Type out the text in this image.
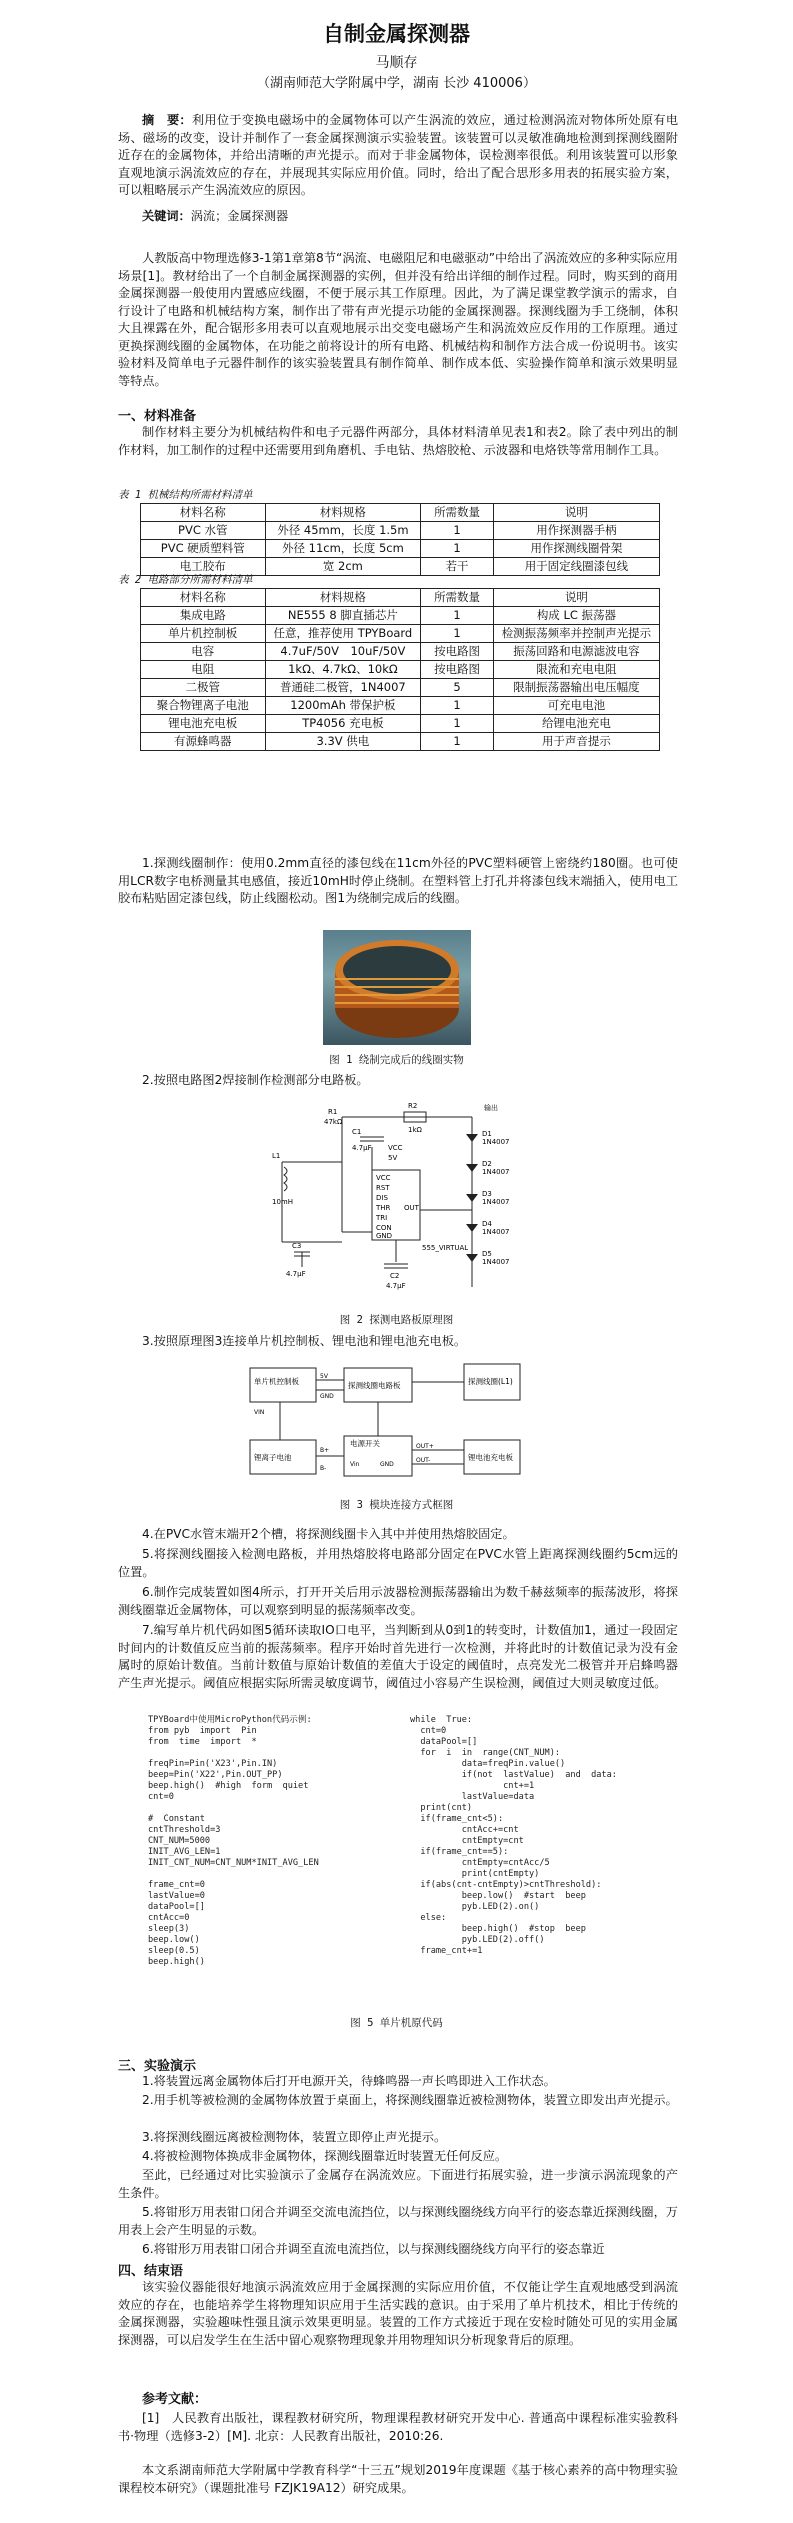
自制金属探测器
马顺存
（湖南师范大学附属中学，湖南 长沙 410006）
摘　要：利用位于变换电磁场中的金属物体可以产生涡流的效应，通过检测涡流对物体所处原有电场、磁场的改变，设计并制作了一套金属探测演示实验装置。该装置可以灵敏准确地检测到探测线圈附近存在的金属物体，并给出清晰的声光提示。而对于非金属物体，误检测率很低。利用该装置可以形象直观地演示涡流效应的存在，并展现其实际应用价值。同时，给出了配合思形多用表的拓展实验方案，可以粗略展示产生涡流效应的原因。
关键词：涡流；金属探测器
人教版高中物理选修3-1第1章第8节“涡流、电磁阻尼和电磁驱动”中给出了涡流效应的多种实际应用场景[1]。教材给出了一个自制金属探测器的实例，但并没有给出详细的制作过程。同时，购买到的商用金属探测器一般使用内置感应线圈，不便于展示其工作原理。因此，为了满足课堂教学演示的需求，自行设计了电路和机械结构方案，制作出了带有声光提示功能的金属探测器。探测线圈为手工绕制，体积大且裸露在外，配合锯形多用表可以直观地展示出交变电磁场产生和涡流效应反作用的工作原理。通过更换探测线圈的金属物体，在功能之前将设计的所有电路、机械结构和制作方法合成一份说明书。该实验材料及简单电子元器件制作的该实验装置具有制作简单、制作成本低、实验操作简单和演示效果明显等特点。
一、材料准备
制作材料主要分为机械结构件和电子元器件两部分，具体材料清单见表1和表2。除了表中列出的制作材料，加工制作的过程中还需要用到角磨机、手电钻、热熔胶枪、示波器和电烙铁等常用制作工具。
表 1 机械结构所需材料清单
材料名称	材料规格	所需数量	说明
PVC 水管	外径 45mm，长度 1.5m	1	用作探测器手柄
PVC 硬质塑料管	外径 11cm，长度 5cm	1	用作探测线圈骨架
电工胶布	宽 2cm	若干	用于固定线圈漆包线
表 2 电路部分所需材料清单
材料名称	材料规格	所需数量	说明
集成电路	NE555 8 脚直插芯片	1	构成 LC 振荡器
单片机控制板	任意，推荐使用 TPYBoard	1	检测振荡频率并控制声光提示
电容	4.7uF/50V　10uF/50V	按电路图	振荡回路和电源滤波电容
电阻	1kΩ、4.7kΩ、10kΩ	按电路图	限流和充电电阻
二极管	普通硅二极管，1N4007	5	限制振荡器输出电压幅度
聚合物锂离子电池	1200mAh 带保护板	1	可充电电池
锂电池充电板	TP4056 充电板	1	给锂电池充电
有源蜂鸣器	3.3V 供电	1	用于声音提示
1.探测线圈制作：使用0.2mm直径的漆包线在11cm外径的PVC塑料硬管上密绕约180圈。也可使用LCR数字电桥测量其电感值，接近10mH时停止绕制。在塑料管上打孔并将漆包线末端插入，使用电工胶布粘贴固定漆包线，防止线圈松动。图1为绕制完成后的线圈。
图 1 绕制完成后的线圈实物
2.按照电路图2焊接制作检测部分电路板。
R1
47kΩ
R2
1kΩ
输出
L1
10mH
C1
4.7μF VCC
5V
VCC
RST
DIS
THR
TRI
CON
GND
OUT
555_VIRTUAL
C2
4.7μF
C3
4.7μF
D1
1N4007
D2
1N4007
D3
1N4007
D4
1N4007
D5
1N4007
图 2 探测电路板原理图
3.按照原理图3连接单片机控制板、锂电池和锂电池充电板。
单片机控制板	探测线圈电路板	探测线圈(L1)
锂离子电池
电源开关
锂电池充电板
5V
GND
VIN
B+
B-
OUT+
OUT-
Vin	GND
图 3 模块连接方式框图
4.在PVC水管末端开2个槽，将探测线圈卡入其中并使用热熔胶固定。
5.将探测线圈接入检测电路板，并用热熔胶将电路部分固定在PVC水管上距离探测线圈约5cm远的位置。
6.制作完成装置如图4所示，打开开关后用示波器检测振荡器输出为数千赫兹频率的振荡波形，将探测线圈靠近金属物体，可以观察到明显的振荡频率改变。
7.编写单片机代码如图5循环读取IO口电平，当判断到从0到1的转变时，计数值加1，通过一段固定时间内的计数值反应当前的振荡频率。程序开始时首先进行一次检测，并将此时的计数值记录为没有金属时的原始计数值。当前计数值与原始计数值的差值大于设定的阈值时，点亮发光二极管并开启蜂鸣器产生声光提示。阈值应根据实际所需灵敏度调节，阈值过小容易产生误检测，阈值过大则灵敏度过低。
TPYBoard中使用MicroPython代码示例:
from pyb  import  Pin
from  time  import  *

freqPin=Pin('X23',Pin.IN)
beep=Pin('X22',Pin.OUT_PP)
beep.high()  #high  form  quiet
cnt=0

#  Constant
cntThreshold=3
CNT_NUM=5000
INIT_AVG_LEN=1
INIT_CNT_NUM=CNT_NUM*INIT_AVG_LEN

frame_cnt=0
lastValue=0
dataPool=[]
cntAcc=0
sleep(3)
beep.low()
sleep(0.5)
beep.high()
while  True:
cnt=0
dataPool=[]
for  i  in  range(CNT_NUM):
data=freqPin.value()
if(not  lastValue)  and  data:
cnt+=1
lastValue=data
print(cnt)
if(frame_cnt<5):
cntAcc+=cnt
cntEmpty=cnt
if(frame_cnt==5):
cntEmpty=cntAcc/5
print(cntEmpty)
if(abs(cnt-cntEmpty)>cntThreshold):
beep.low()  #start  beep
pyb.LED(2).on()
else:
beep.high()  #stop  beep
pyb.LED(2).off()
frame_cnt+=1
图 5 单片机原代码
三、实验演示
1.将装置远离金属物体后打开电源开关，待蜂鸣器一声长鸣即进入工作状态。
2.用手机等被检测的金属物体放置于桌面上，将探测线圈靠近被检测物体，装置立即发出声光提示。
3.将探测线圈远离被检测物体，装置立即停止声光提示。
4.将被检测物体换成非金属物体，探测线圈靠近时装置无任何反应。
至此，已经通过对比实验演示了金属存在涡流效应。下面进行拓展实验，进一步演示涡流现象的产生条件。
5.将钳形万用表钳口闭合并调至交流电流挡位，以与探测线圈绕线方向平行的姿态靠近探测线圈，万用表上会产生明显的示数。
6.将钳形万用表钳口闭合并调至直流电流挡位，以与探测线圈绕线方向平行的姿态靠近
四、结束语
该实验仪器能很好地演示涡流效应用于金属探测的实际应用价值，不仅能让学生直观地感受到涡流效应的存在，也能培养学生将物理知识应用于生活实践的意识。由于采用了单片机技术，相比于传统的金属探测器，实验趣味性强且演示效果更明显。装置的工作方式接近于现在安检时随处可见的实用金属探测器，可以启发学生在生活中留心观察物理现象并用物理知识分析现象背后的原理。
参考文献：
[1]　人民教育出版社，课程教材研究所，物理课程教材研究开发中心. 普通高中课程标准实验教科书·物理（选修3-2）[M]. 北京：人民教育出版社，2010:26.
本文系湖南师范大学附属中学教育科学“十三五”规划2019年度课题《基于核心素养的高中物理实验课程校本研究》（课题批准号 FZJK19A12）研究成果。
